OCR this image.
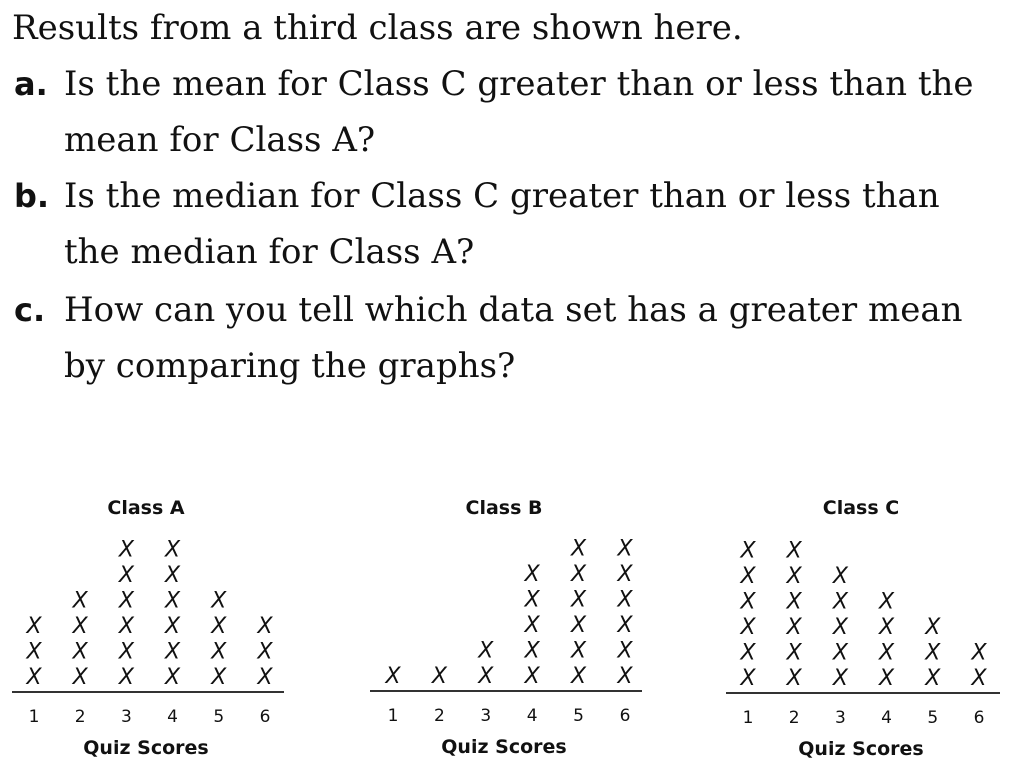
Results from a third class are shown here.
a. Is the mean for Class C greater than or less than the
mean for Class A?
b. Is the median for Class C greater than or less than
the median for Class A?
c. How can you tell which data set has a greater mean
by comparing the graphs?
Class A
1 2 3 4 5 6
X
X
X
X
X
X
X
X
X
X
X
X
X
X
X
X
X
X
X
X
X
X
X
X
X
X
Quiz Scores
Class B
1 2 3 4 5 6
X X X
X
X
X
X
X
X
X
X
X
X
X
X
X
X
X
X
X
X
Quiz Scores
Class C
1 2 3 4 5 6
X
X
X
X
X
X
X
X
X
X
X
X
X
X
X
X
X
X
X
X
X
X
X
X
X
X
Quiz Scores
